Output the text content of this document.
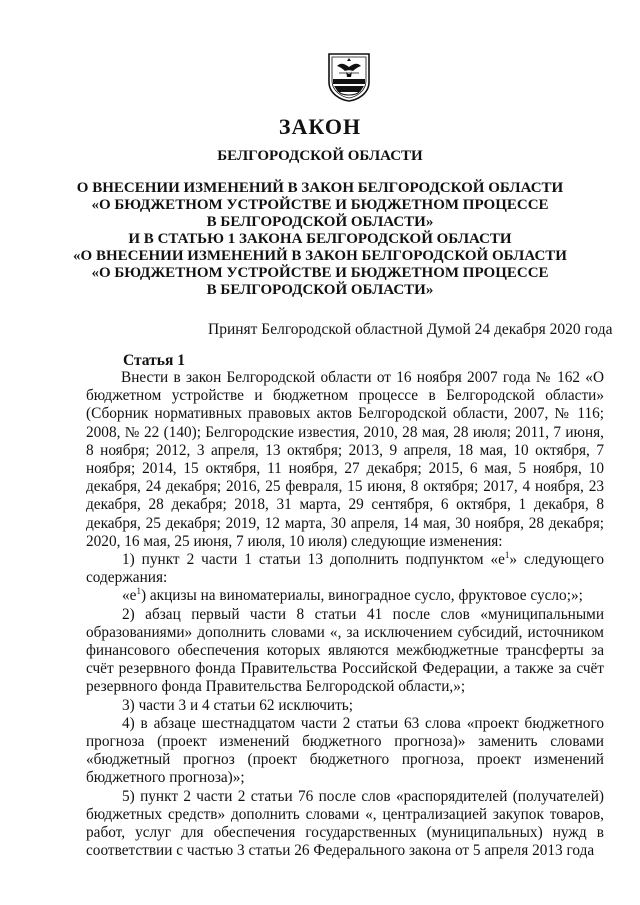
ЗАКОН
БЕЛГОРОДСКОЙ ОБЛАСТИ
О ВНЕСЕНИИ ИЗМЕНЕНИЙ В ЗАКОН БЕЛГОРОДСКОЙ ОБЛАСТИ
«О БЮДЖЕТНОМ УСТРОЙСТВЕ И БЮДЖЕТНОМ ПРОЦЕССЕ
В БЕЛГОРОДСКОЙ ОБЛАСТИ»
И В СТАТЬЮ 1 ЗАКОНА БЕЛГОРОДСКОЙ ОБЛАСТИ
«О ВНЕСЕНИИ ИЗМЕНЕНИЙ В ЗАКОН БЕЛГОРОДСКОЙ ОБЛАСТИ
«О БЮДЖЕТНОМ УСТРОЙСТВЕ И БЮДЖЕТНОМ ПРОЦЕССЕ
В БЕЛГОРОДСКОЙ ОБЛАСТИ»
Принят Белгородской областной Думой 24 декабря 2020 года
Статья 1

Внести в закон Белгородской области от 16 ноября 2007 года № 162 «О бюджетном устройстве и бюджетном процессе в Белгородской области» (Сборник нормативных правовых актов Белгородской области, 2007, № 116; 2008, № 22 (140); Белгородские известия, 2010, 28 мая, 28 июля; 2011, 7 июня, 8 ноября; 2012, 3 апреля, 13 октября; 2013, 9 апреля, 18 мая, 10 октября, 7 ноября; 2014, 15 октября, 11 ноября, 27 декабря; 2015, 6 мая, 5 ноября, 10 декабря, 24 декабря; 2016, 25 февраля, 15 июня, 8 октября; 2017, 4 ноября, 23 декабря, 28 декабря; 2018, 31 марта, 29 сентября, 6 октября, 1 декабря, 8 декабря, 25 декабря; 2019, 12 марта, 30 апреля, 14 мая, 30 ноября, 28 декабря; 2020, 16 мая, 25 июня, 7 июля, 10 июля) следующие изменения:

1) пункт 2 части 1 статьи 13 дополнить подпунктом «$е^1$» следующего содержания:

«$е^1$) акцизы на виноматериалы, виноградное сусло, фруктовое сусло;»;

2) абзац первый части 8 статьи 41 после слов «муниципальными образованиями» дополнить словами «, за исключением субсидий, источником финансового обеспечения которых являются межбюджетные трансферты за счёт резервного фонда Правительства Российской Федерации, а также за счёт резервного фонда Правительства Белгородской области,»;

3) части 3 и 4 статьи 62 исключить;

4) в абзаце шестнадцатом части 2 статьи 63 слова «проект бюджетного прогноза (проект изменений бюджетного прогноза)» заменить словами «бюджетный прогноз (проект бюджетного прогноза, проект изменений бюджетного прогноза)»;

5) пункт 2 части 2 статьи 76 после слов «распорядителей (получателей) бюджетных средств» дополнить словами «, централизацией закупок товаров, работ, услуг для обеспечения государственных (муниципальных) нужд в соответствии с частью 3 статьи 26 Федерального закона от 5 апреля 2013 года
